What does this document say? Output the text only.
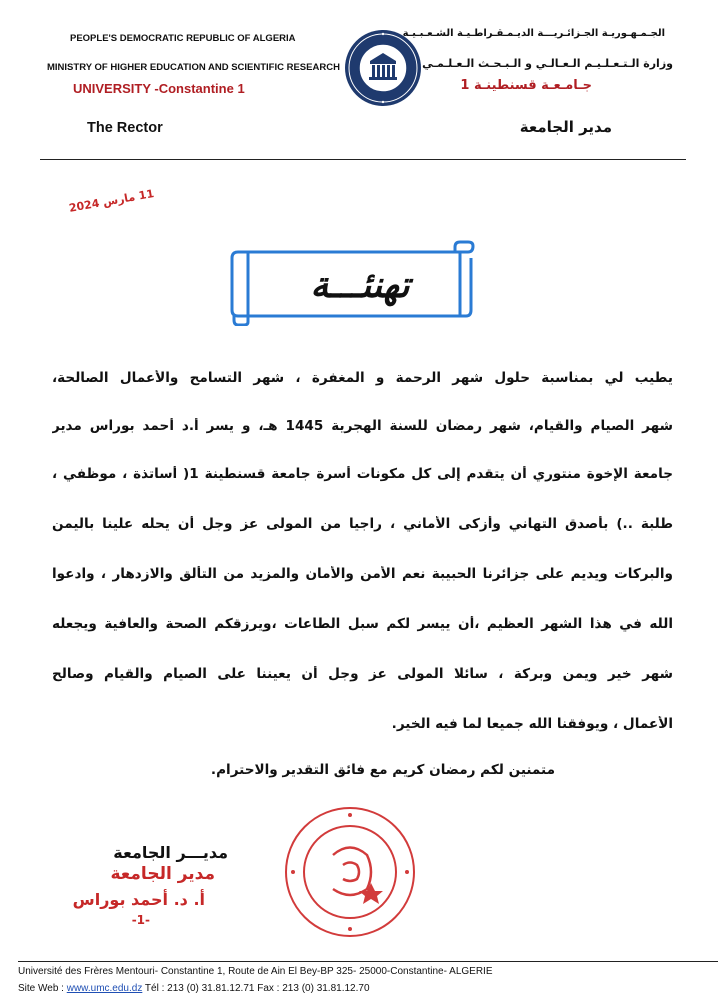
PEOPLE'S DEMOCRATIC REPUBLIC OF ALGERIA
MINISTRY OF HIGHER EDUCATION AND SCIENTIFIC RESEARCH
UNIVERSITY -Constantine 1
The Rector
الجـمـهـوريـة الجـزائـريـــة الديـمـقـراطـيـة الشـعـبـيـة
وزارة الـتـعـلـيـم الـعـالـي و الـبـحـث الـعـلـمـي
جـامـعـة قسنطينـة 1
مدير الجامعة
11 مارس 2024
تهنئـــة
يطيب لي بمناسبة حلول شهر الرحمة و المغفرة ، شهر التسامح والأعمال الصالحة،
شهر الصيام والقيام، شهر رمضان للسنة الهجرية 1445 هـ، و يسر أ.د أحمد بوراس مدير
جامعة الإخوة منتوري أن يتقدم إلى كل مكونات أسرة جامعة قسنطينة 1( أساتذة ، موظفي ،
طلبة ..) بأصدق التهاني وأزكى الأماني ، راجيا من المولى عز وجل أن يحله علينا باليمن
والبركات ويديم على جزائرنا الحبيبة نعم الأمن والأمان والمزيد من التألق والازدهار ، وادعوا
الله في هذا الشهر العظيم ،أن ييسر لكم سبل الطاعات ،ويرزقكم الصحة والعافية ويجعله
شهر خير ويمن وبركة ، سائلا المولى عز وجل أن يعيننا على الصيام والقيام وصالح
الأعمال ، ويوفقنا الله جميعا لما فيه الخير.
متمنين لكم رمضان كريم مع فائق التقدير والاحترام.
مديـــر الجامعة
مدير الجامعة
أ. د. أحمد بوراس
-1-
Université des Frères Mentouri- Constantine 1, Route de Ain El Bey-BP 325- 25000-Constantine- ALGERIE
Site Web : www.umc.edu.dz Tél : 213 (0) 31.81.12.71 Fax : 213 (0) 31.81.12.70
